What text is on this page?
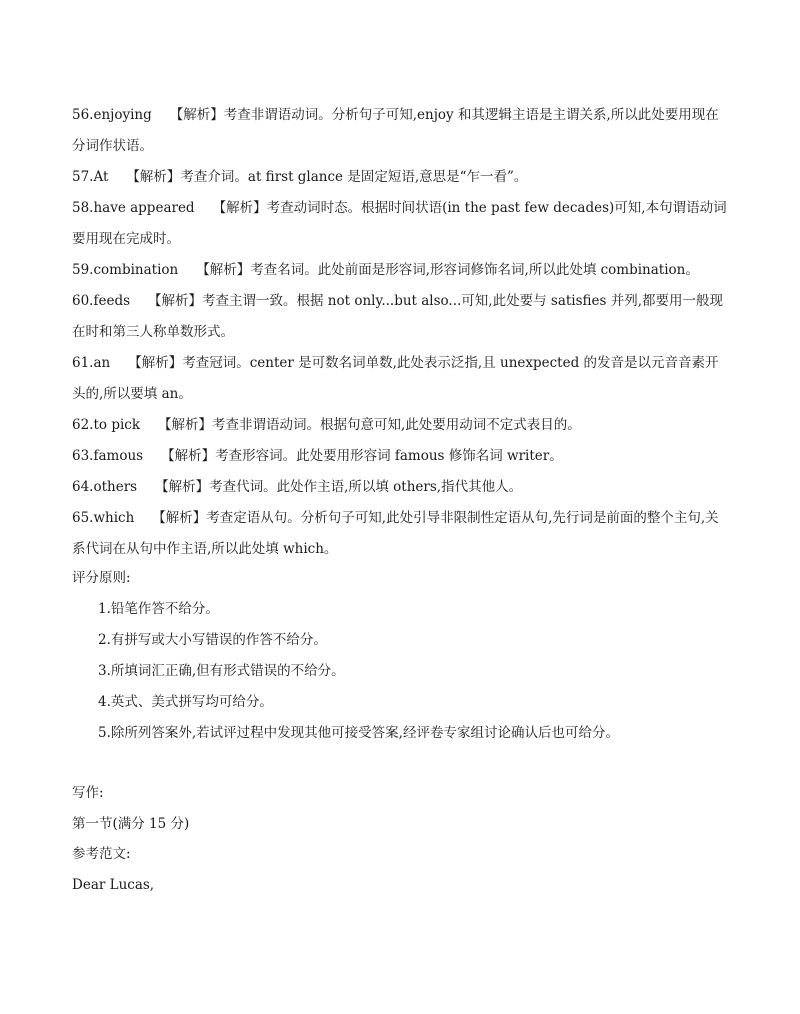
56.enjoying 【解析】考查非谓语动词。分析句子可知,enjoy 和其逻辑主语是主谓关系,所以此处要用现在分词作状语。

57.At 【解析】考查介词。at first glance 是固定短语,意思是“乍一看”。

58.have appeared 【解析】考查动词时态。根据时间状语(in the past few decades)可知,本句谓语动词要用现在完成时。

59.combination 【解析】考查名词。此处前面是形容词,形容词修饰名词,所以此处填 combination。

60.feeds 【解析】考查主谓一致。根据 not only...but also...可知,此处要与 satisfies 并列,都要用一般现在时和第三人称单数形式。

61.an 【解析】考查冠词。center 是可数名词单数,此处表示泛指,且 unexpected 的发音是以元音音素开头的,所以要填 an。

62.to pick 【解析】考查非谓语动词。根据句意可知,此处要用动词不定式表目的。

63.famous 【解析】考查形容词。此处要用形容词 famous 修饰名词 writer。

64.others 【解析】考查代词。此处作主语,所以填 others,指代其他人。

65.which 【解析】考查定语从句。分析句子可知,此处引导非限制性定语从句,先行词是前面的整个主句,关系代词在从句中作主语,所以此处填 which。

评分原则:

1.铅笔作答不给分。
2.有拼写或大小写错误的作答不给分。
3.所填词汇正确,但有形式错误的不给分。
4.英式、美式拼写均可给分。
5.除所列答案外,若试评过程中发现其他可接受答案,经评卷专家组讨论确认后也可给分。

写作:

第一节(满分 15 分)

参考范文:

Dear Lucas,
